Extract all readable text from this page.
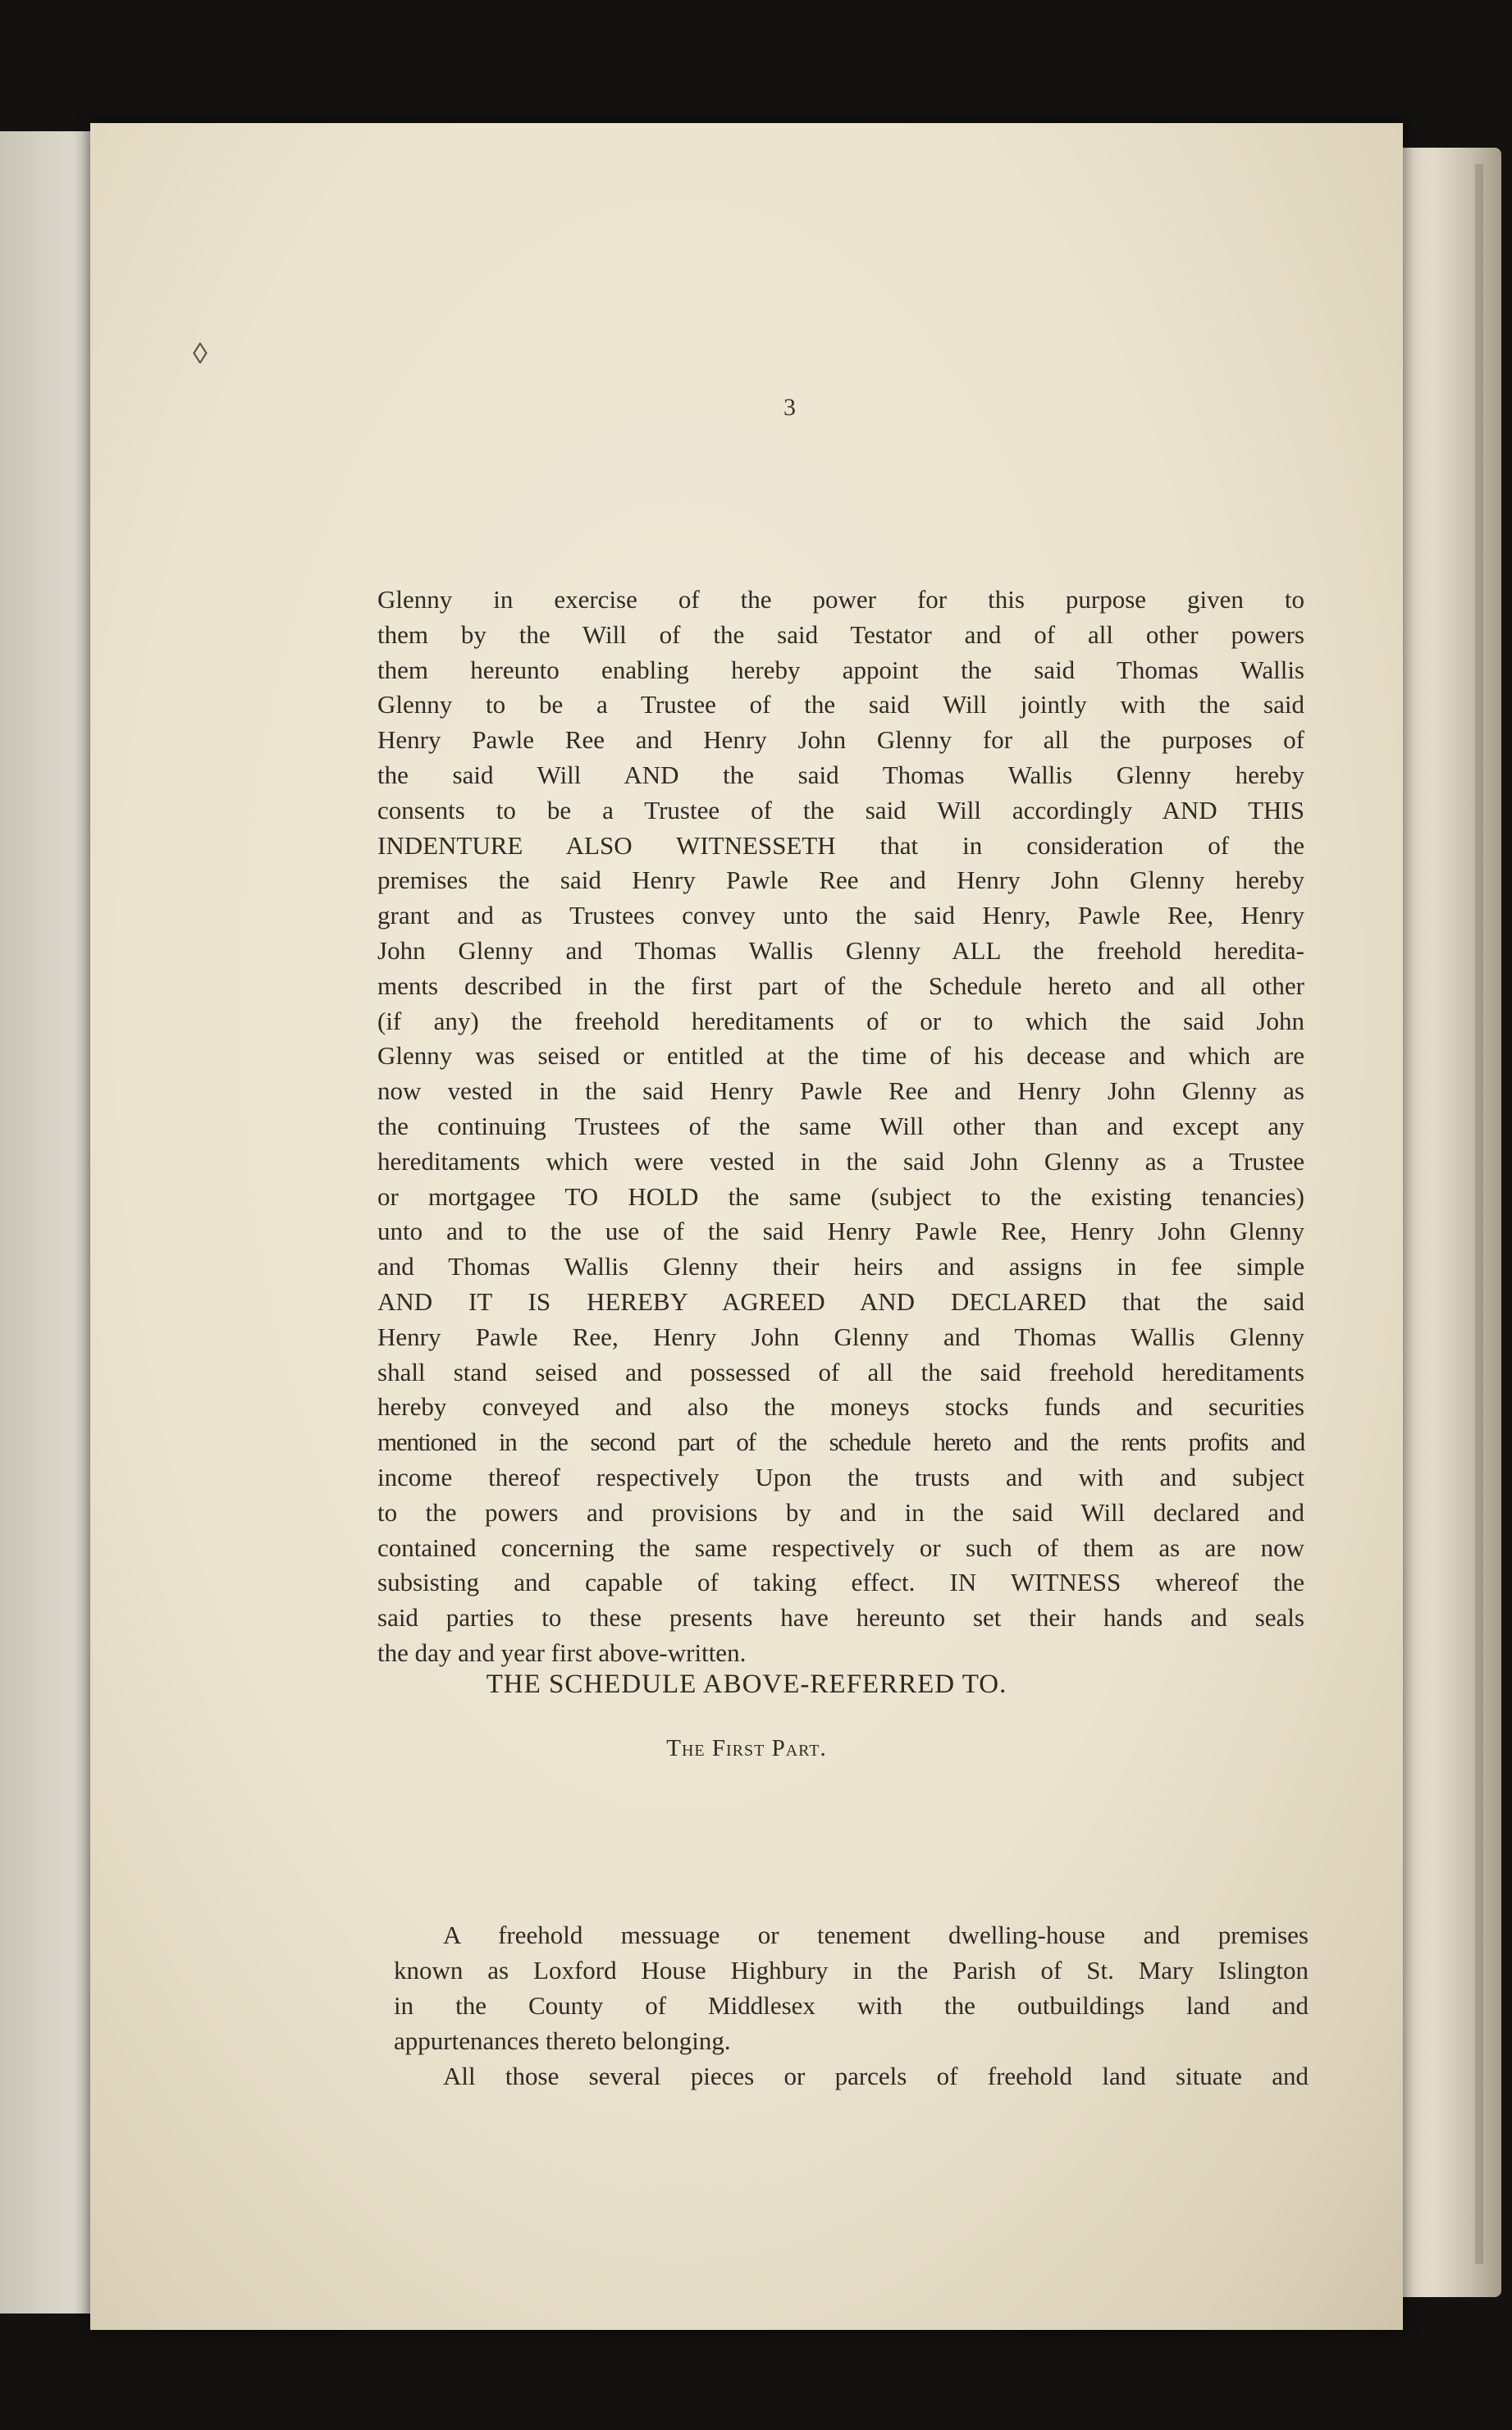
◊
3
Glenny in exercise of the power for this purpose given to
them by the Will of the said Testator and of all other powers
them hereunto enabling hereby appoint the said Thomas Wallis
Glenny to be a Trustee of the said Will jointly with the said
Henry Pawle Ree and Henry John Glenny for all the purposes of
the said Will AND the said Thomas Wallis Glenny hereby
consents to be a Trustee of the said Will accordingly AND THIS
INDENTURE ALSO WITNESSETH that in consideration of the
premises the said Henry Pawle Ree and Henry John Glenny hereby
grant and as Trustees convey unto the said Henry, Pawle Ree, Henry
John Glenny and Thomas Wallis Glenny ALL the freehold heredita-
ments described in the first part of the Schedule hereto and all other
(if any) the freehold hereditaments of or to which the said John
Glenny was seised or entitled at the time of his decease and which are
now vested in the said Henry Pawle Ree and Henry John Glenny as
the continuing Trustees of the same Will other than and except any
hereditaments which were vested in the said John Glenny as a Trustee
or mortgagee TO HOLD the same (subject to the existing tenancies)
unto and to the use of the said Henry Pawle Ree, Henry John Glenny
and Thomas Wallis Glenny their heirs and assigns in fee simple
AND IT IS HEREBY AGREED AND DECLARED that the said
Henry Pawle Ree, Henry John Glenny and Thomas Wallis Glenny
shall stand seised and possessed of all the said freehold hereditaments
hereby conveyed and also the moneys stocks funds and securities
mentioned in the second part of the schedule hereto and the rents profits and
income thereof respectively Upon the trusts and with and subject
to the powers and provisions by and in the said Will declared and
contained concerning the same respectively or such of them as are now
subsisting and capable of taking effect. IN WITNESS whereof the
said parties to these presents have hereunto set their hands and seals
the day and year first above-written.
THE SCHEDULE ABOVE-REFERRED TO.
The First Part.
A freehold messuage or tenement dwelling-house and premises
known as Loxford House Highbury in the Parish of St. Mary Islington
in the County of Middlesex with the outbuildings land and
appurtenances thereto belonging.
All those several pieces or parcels of freehold land situate and
